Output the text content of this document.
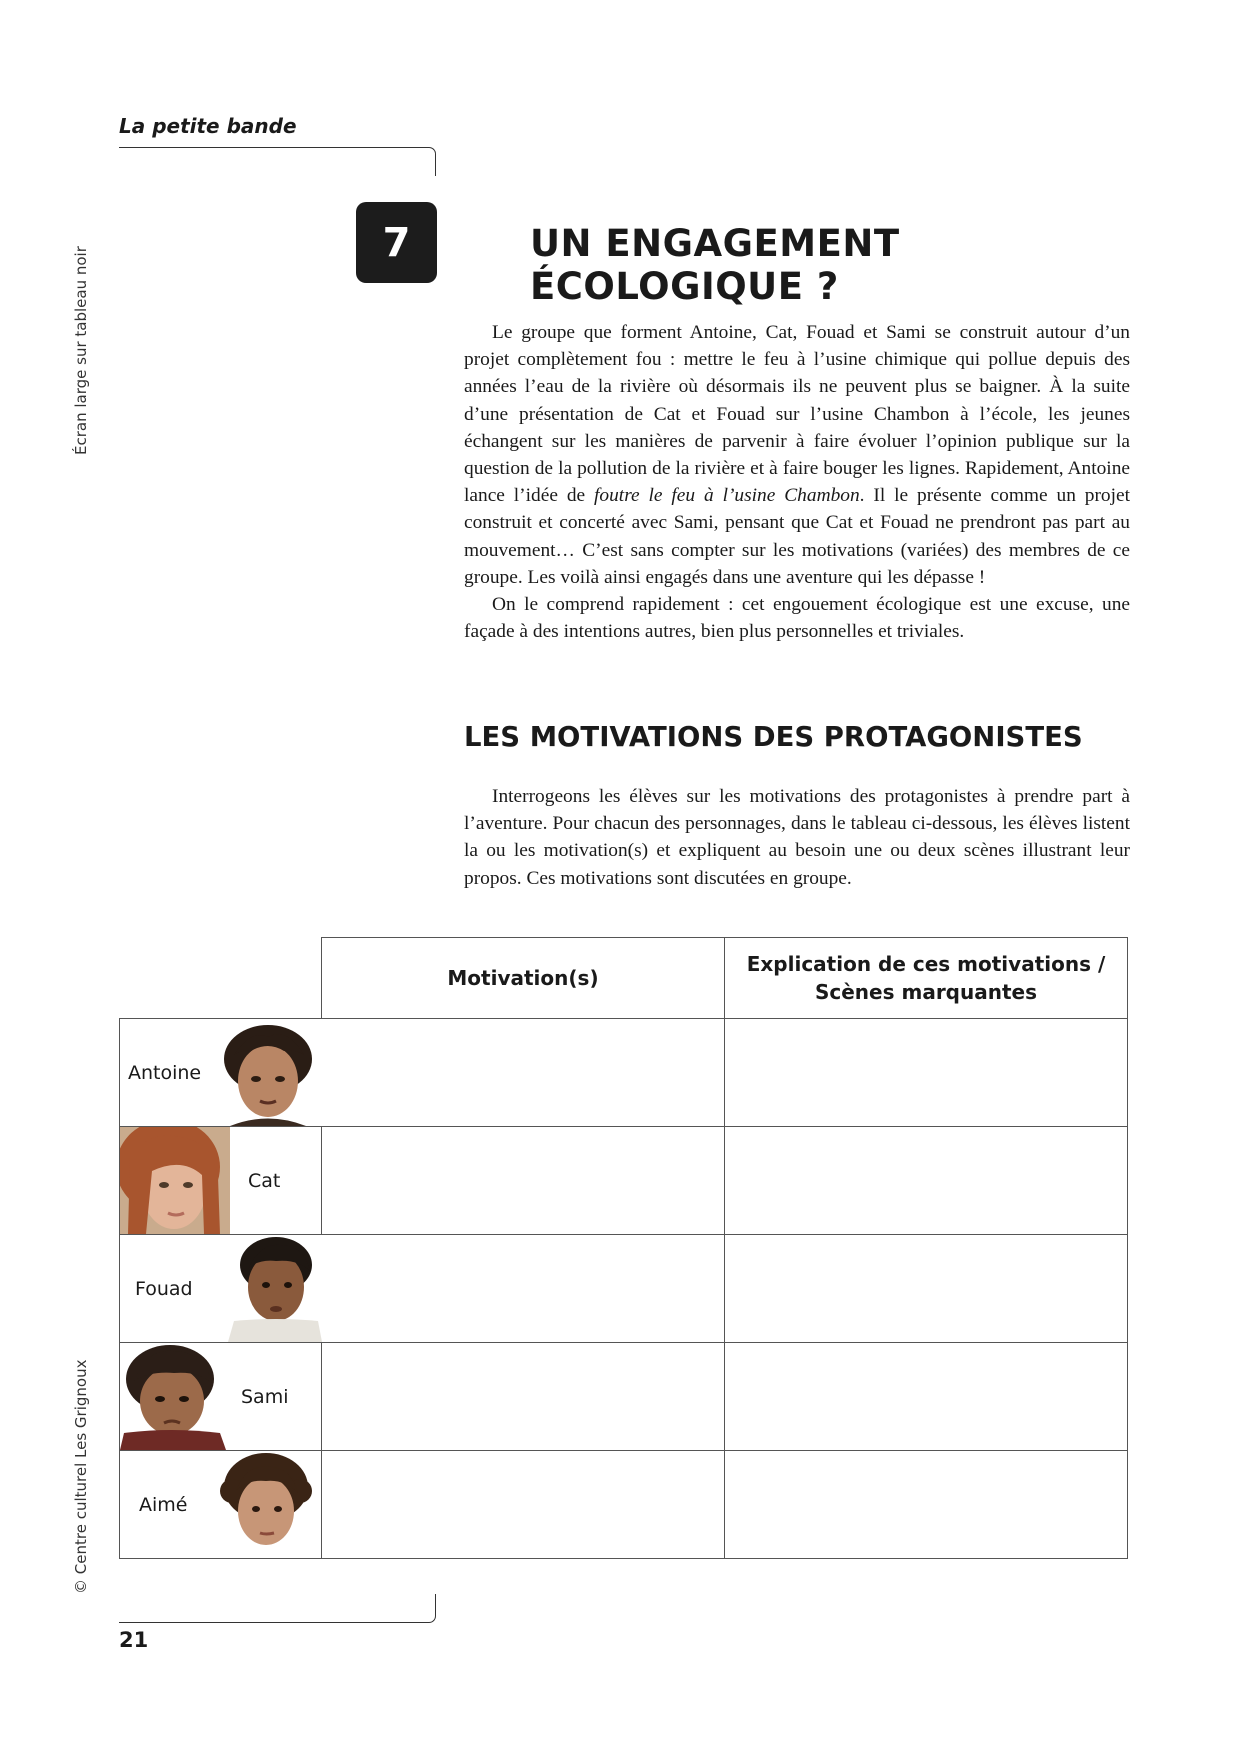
La petite bande
Écran large sur tableau noir
© Centre culturel Les Grignoux
7	UN ENGAGEMENT ÉCOLOGIQUE ?

Le groupe que forment Antoine, Cat, Fouad et Sami se construit autour d’un projet complètement fou : mettre le feu à l’usine chimique qui pollue depuis des années l’eau de la rivière où désormais ils ne peuvent plus se baigner. À la suite d’une présentation de Cat et Fouad sur l’usine Chambon à l’école, les jeunes échangent sur les manières de parvenir à faire évoluer l’opinion publique sur la question de la pollution de la rivière et à faire bouger les lignes. Rapidement, Antoine lance l’idée de foutre le feu à l’usine Chambon. Il le présente comme un projet construit et concerté avec Sami, pensant que Cat et Fouad ne prendront pas part au mouvement… C’est sans compter sur les motivations (variées) des membres de ce groupe. Les voilà ainsi engagés dans une aventure qui les dépasse !

On le comprend rapidement : cet engouement écologique est une excuse, une façade à des intentions autres, bien plus personnelles et triviales.

LES MOTIVATIONS DES PROTAGONISTES

Interrogeons les élèves sur les motivations des protagonistes à prendre part à l’aventure. Pour chacun des personnages, dans le tableau ci-dessous, les élèves listent la ou les motivation(s) et expliquent au besoin une ou deux scènes illustrant leur propos. Ces motivations sont discutées en groupe.

	Motivation(s)	Explication de ces motivations /
Scènes marquantes

Antoine		

Cat		

Fouad		

Sami		

Aimé		

21
